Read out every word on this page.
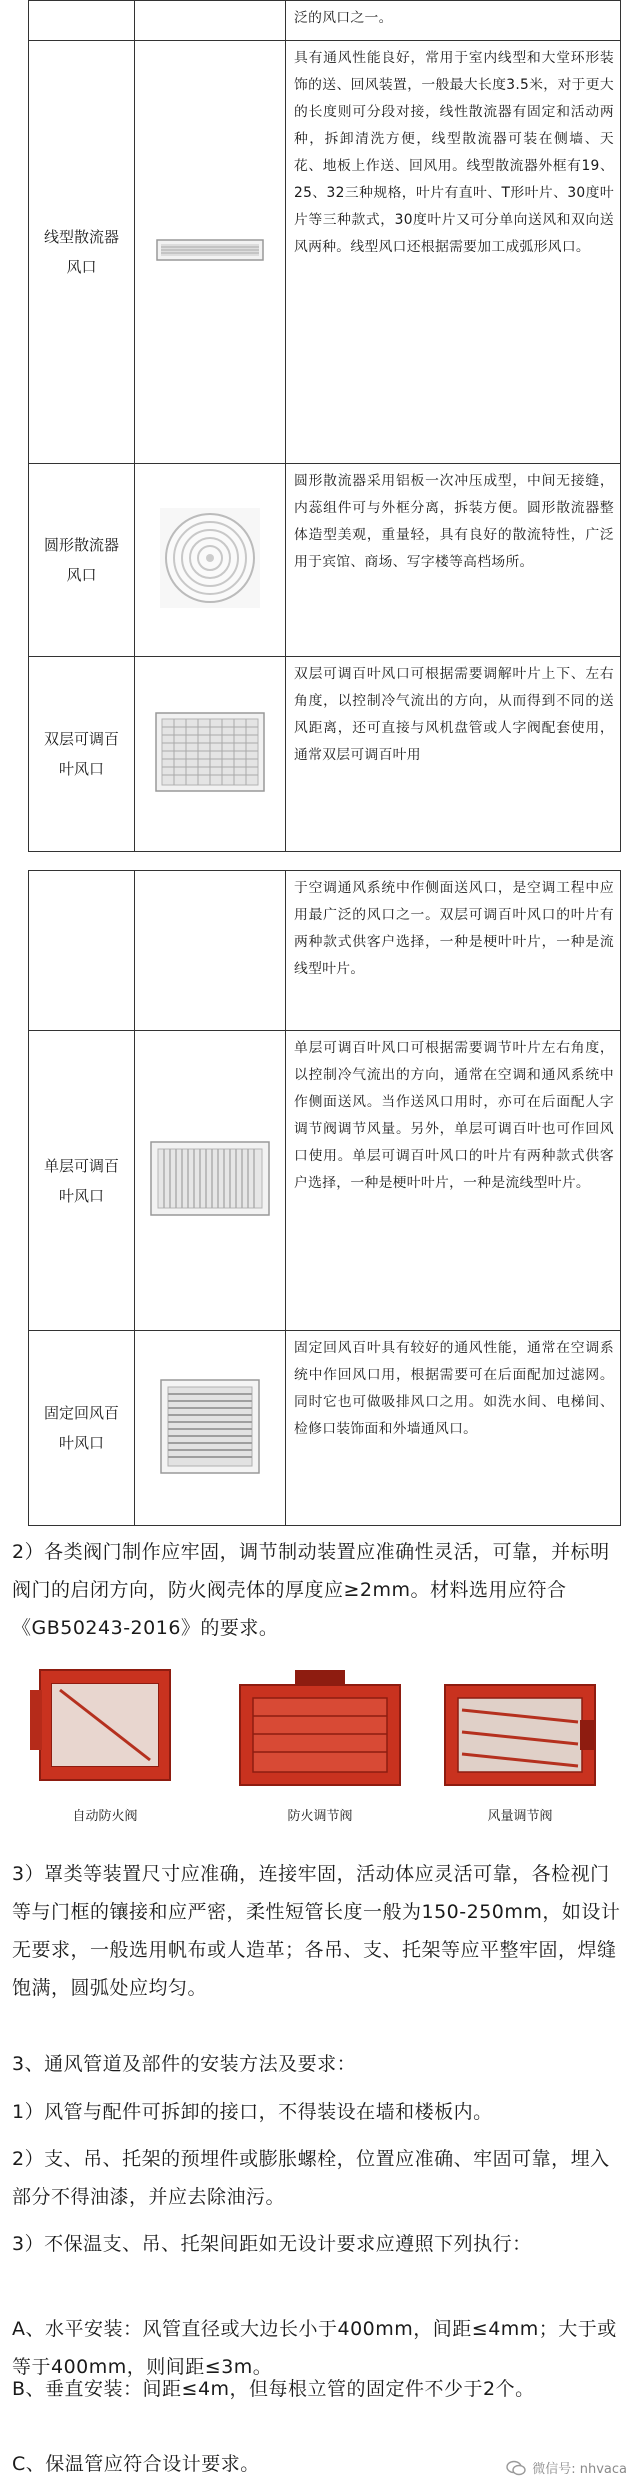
		泛的风口之一。
线型散流器
风口		具有通风性能良好，常用于室内线型和大堂环形装饰的送、回风装置，一般最大长度3.5米，对于更大的长度则可分段对接，线性散流器有固定和活动两种，拆卸清洗方便，线型散流器可装在侧墙、天花、地板上作送、回风用。线型散流器外框有19、25、32三种规格，叶片有直叶、T形叶片、30度叶片等三种款式，30度叶片又可分单向送风和双向送风两种。线型风口还根据需要加工成弧形风口。
圆形散流器
风口		圆形散流器采用铝板一次冲压成型，中间无接缝，内蕊组件可与外框分离，拆装方便。圆形散流器整体造型美观，重量轻，具有良好的散流特性，广泛用于宾馆、商场、写字楼等高档场所。
双层可调百
叶风口		双层可调百叶风口可根据需要调解叶片上下、左右角度，以控制冷气流出的方向，从而得到不同的送风距离，还可直接与风机盘管或人字阀配套使用，通常双层可调百叶用
		于空调通风系统中作侧面送风口，是空调工程中应用最广泛的风口之一。双层可调百叶风口的叶片有两种款式供客户选择，一种是梗叶叶片，一种是流线型叶片。
单层可调百
叶风口		单层可调百叶风口可根据需要调节叶片左右角度，以控制冷气流出的方向，通常在空调和通风系统中作侧面送风。当作送风口用时，亦可在后面配人字调节阀调节风量。另外，单层可调百叶也可作回风口使用。单层可调百叶风口的叶片有两种款式供客户选择，一种是梗叶叶片，一种是流线型叶片。
固定回风百
叶风口		固定回风百叶具有较好的通风性能，通常在空调系统中作回风口用，根据需要可在后面配加过滤网。同时它也可做吸排风口之用。如洗水间、电梯间、检修口装饰面和外墙通风口。
2）各类阀门制作应牢固，调节制动装置应准确性灵活，可靠，并标明阀门的启闭方向，防火阀壳体的厚度应≥2mm。材料选用应符合《GB50243-2016》的要求。
自动防火阀	防火调节阀	风量调节阀
3）罩类等装置尺寸应准确，连接牢固，活动体应灵活可靠，各检视门等与门框的镶接和应严密，柔性短管长度一般为150-250mm，如设计无要求，一般选用帆布或人造革；各吊、支、托架等应平整牢固，焊缝饱满，圆弧处应均匀。
3、通风管道及部件的安装方法及要求：
1）风管与配件可拆卸的接口，不得装设在墙和楼板内。
2）支、吊、托架的预埋件或膨胀螺栓，位置应准确、牢固可靠，埋入部分不得油漆，并应去除油污。
3）不保温支、吊、托架间距如无设计要求应遵照下列执行：
A、水平安装：风管直径或大边长小于400mm，间距≤4mm；大于或等于400mm，则间距≤3m。
B、垂直安装：间距≤4m，但每根立管的固定件不少于2个。
C、保温管应符合设计要求。	微信号: nhvaca
